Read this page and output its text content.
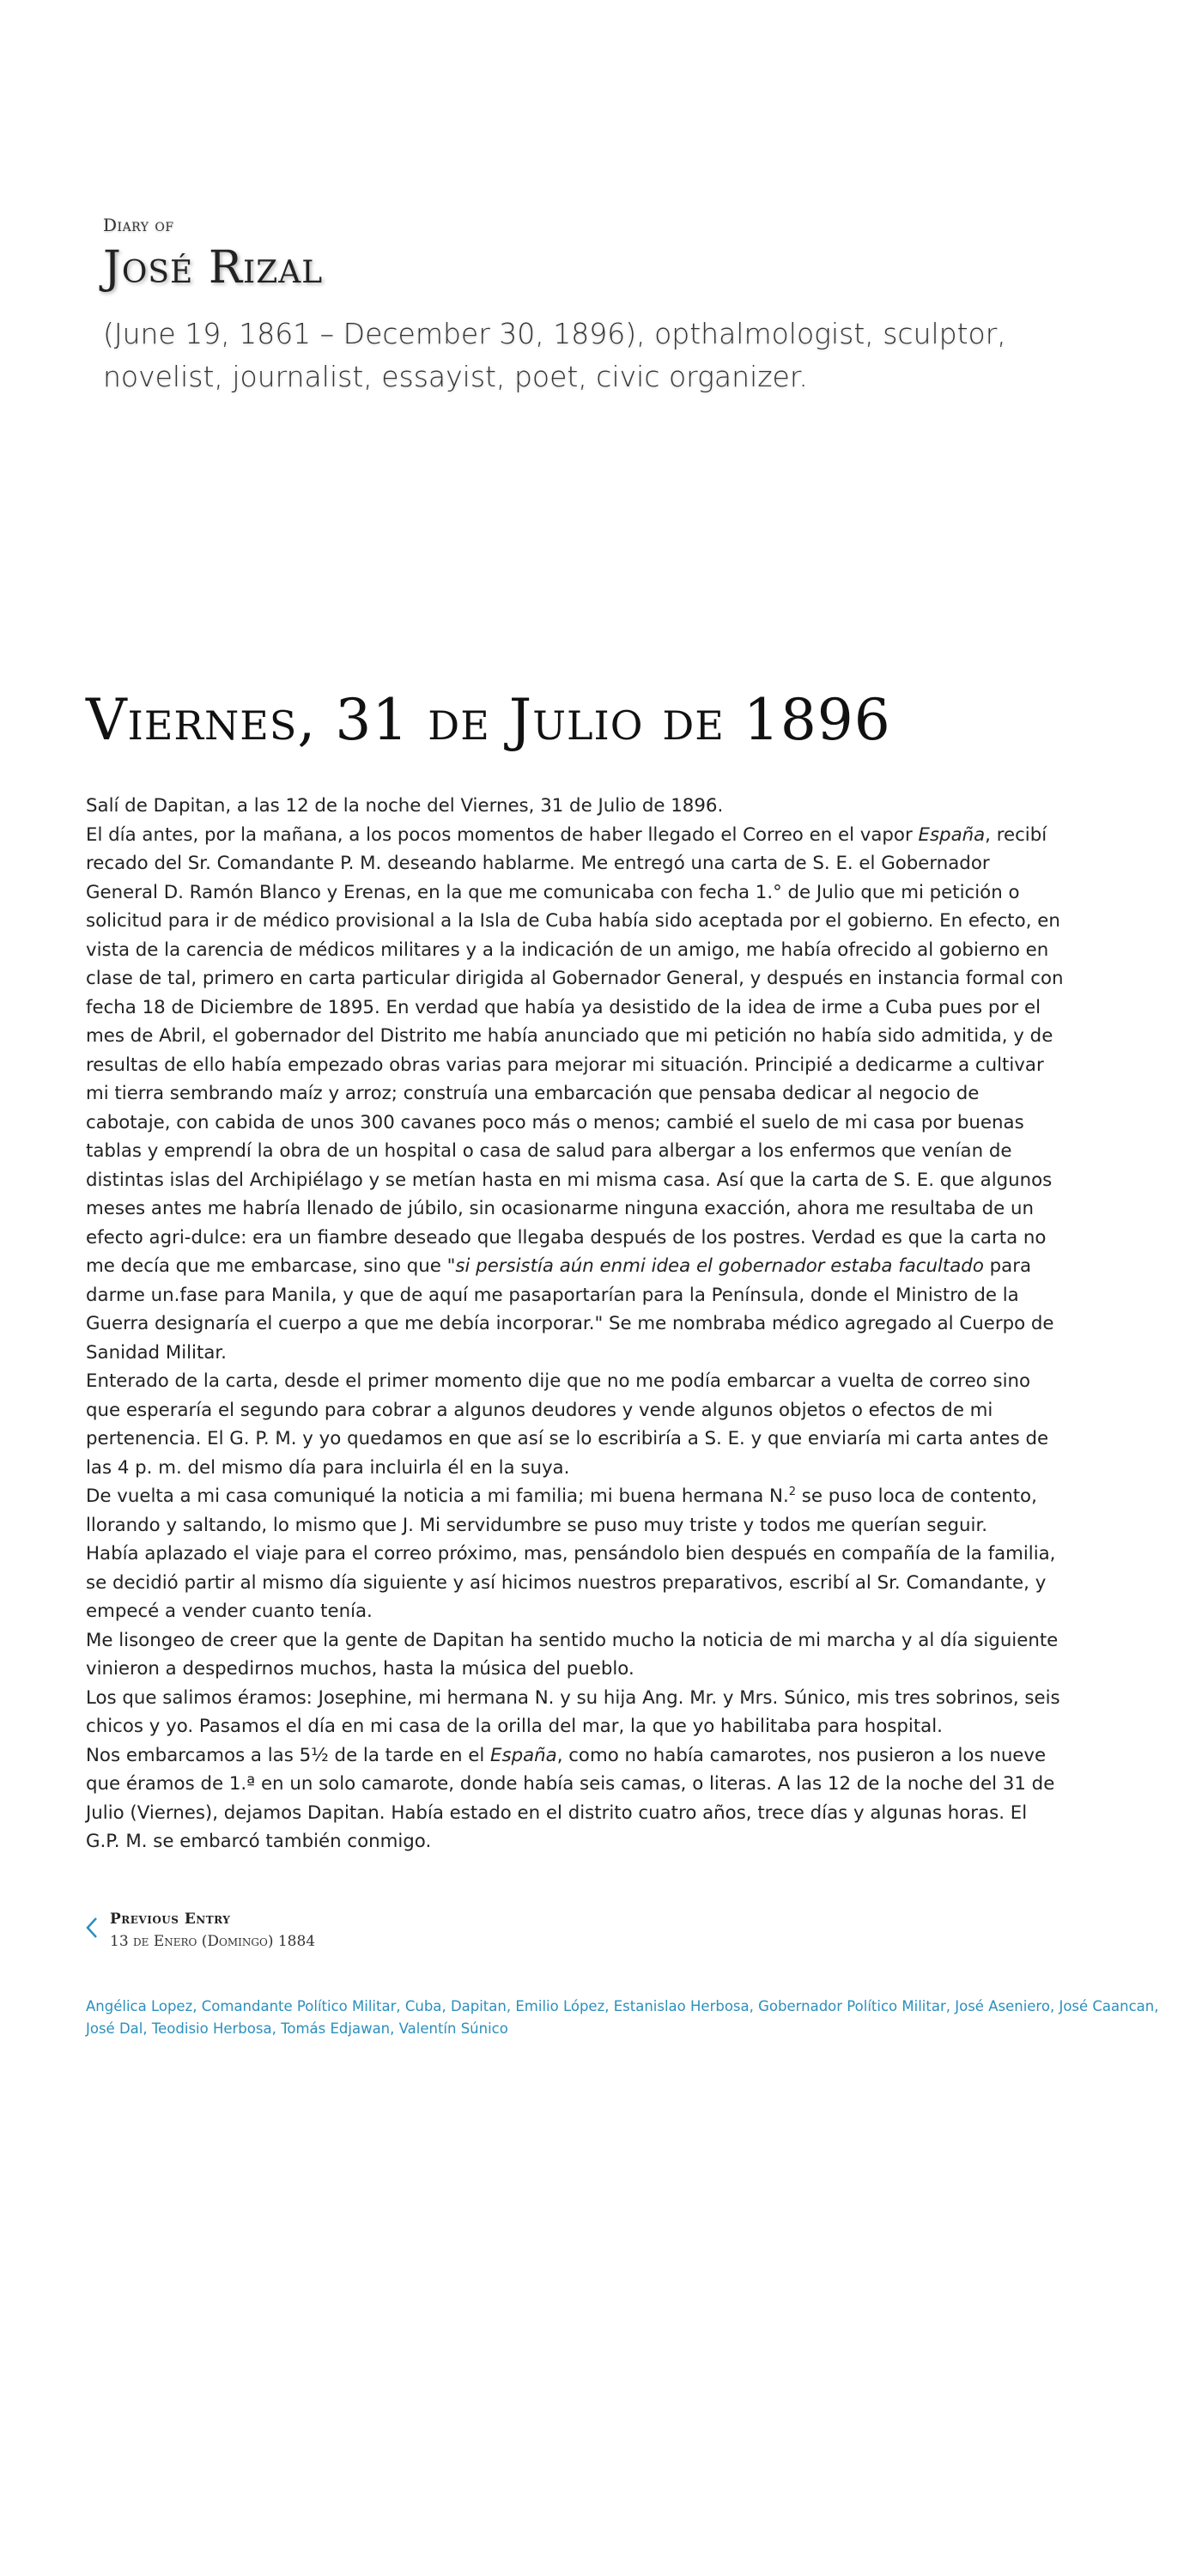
Diary of
José Rizal
(June 19, 1861 – December 30, 1896), opthalmologist, sculptor, novelist, journalist, essayist, poet, civic organizer.
Viernes, 31 de Julio de 1896

Salí de Dapitan, a las 12 de la noche del Viernes, 31 de Julio de 1896.

El día antes, por la mañana, a los pocos momentos de haber llegado el Correo en el vapor España, recibí recado del Sr. Comandante P. M. deseando hablarme. Me entregó una carta de S. E. el Gobernador General D. Ramón Blanco y Erenas, en la que me comunicaba con fecha 1.° de Julio que mi petición o solicitud para ir de médico provisional a la Isla de Cuba había sido aceptada por el gobierno. En efecto, en vista de la carencia de médicos militares y a la indicación de un amigo, me había ofrecido al gobierno en clase de tal, primero en carta particular dirigida al Gobernador General, y después en instancia formal con fecha 18 de Diciembre de 1895. En verdad que había ya desistido de la idea de irme a Cuba pues por el mes de Abril, el gobernador del Distrito me había anunciado que mi petición no había sido admitida, y de resultas de ello había empezado obras varias para mejorar mi situación. Principié a dedicarme a cultivar mi tierra sembrando maíz y arroz; construía una embarcación que pensaba dedicar al negocio de cabotaje, con cabida de unos 300 cavanes poco más o menos; cambié el suelo de mi casa por buenas tablas y emprendí la obra de un hospital o casa de salud para albergar a los enfermos que venían de distintas islas del Archipiélago y se metían hasta en mi misma casa. Así que la carta de S. E. que algunos meses antes me habría llenado de júbilo, sin ocasionarme ninguna exacción, ahora me resultaba de un efecto agri-dulce: era un fiambre deseado que llegaba después de los postres. Verdad es que la carta no me decía que me embarcase, sino que "si persistía aún enmi idea el gobernador estaba facultado para darme un.fase para Manila, y que de aquí me pasaportarían para la Península, donde el Ministro de la Guerra designaría el cuerpo a que me debía incorporar." Se me nombraba médico agregado al Cuerpo de Sanidad Militar.

Enterado de la carta, desde el primer momento dije que no me podía embarcar a vuelta de correo sino que esperaría el segundo para cobrar a algunos deudores y vende algunos objetos o efectos de mi pertenencia. El G. P. M. y yo quedamos en que así se lo escribiría a S. E. y que enviaría mi carta antes de las 4 p. m. del mismo día para incluirla él en la suya.

De vuelta a mi casa comuniqué la noticia a mi familia; mi buena hermana N.$^2$ se puso loca de contento, llorando y saltando, lo mismo que J. Mi servidumbre se puso muy triste y todos me querían seguir.

Había aplazado el viaje para el correo próximo, mas, pensándolo bien después en compañía de la familia, se decidió partir al mismo día siguiente y así hicimos nuestros preparativos, escribí al Sr. Comandante, y empecé a vender cuanto tenía.

Me lisongeo de creer que la gente de Dapitan ha sentido mucho la noticia de mi marcha y al día siguiente vinieron a despedirnos muchos, hasta la música del pueblo.

Los que salimos éramos: Josephine, mi hermana N. y su hija Ang. Mr. y Mrs. Súnico, mis tres sobrinos, seis chicos y yo. Pasamos el día en mi casa de la orilla del mar, la que yo habilitaba para hospital.

Nos embarcamos a las 5½ de la tarde en el España, como no había camarotes, nos pusieron a los nueve que éramos de 1.ª en un solo camarote, donde había seis camas, o literas. A las 12 de la noche del 31 de Julio (Viernes), dejamos Dapitan. Había estado en el distrito cuatro años, trece días y algunas horas. El G.P. M. se embarcó también conmigo.

Previous Entry
13 de Enero (Domingo) 1884
Angélica Lopez, Comandante Político Militar, Cuba, Dapitan, Emilio López, Estanislao Herbosa, Gobernador Político Militar, José Aseniero, José Caancan, José Dal, Teodisio Herbosa, Tomás Edjawan, Valentín Súnico
